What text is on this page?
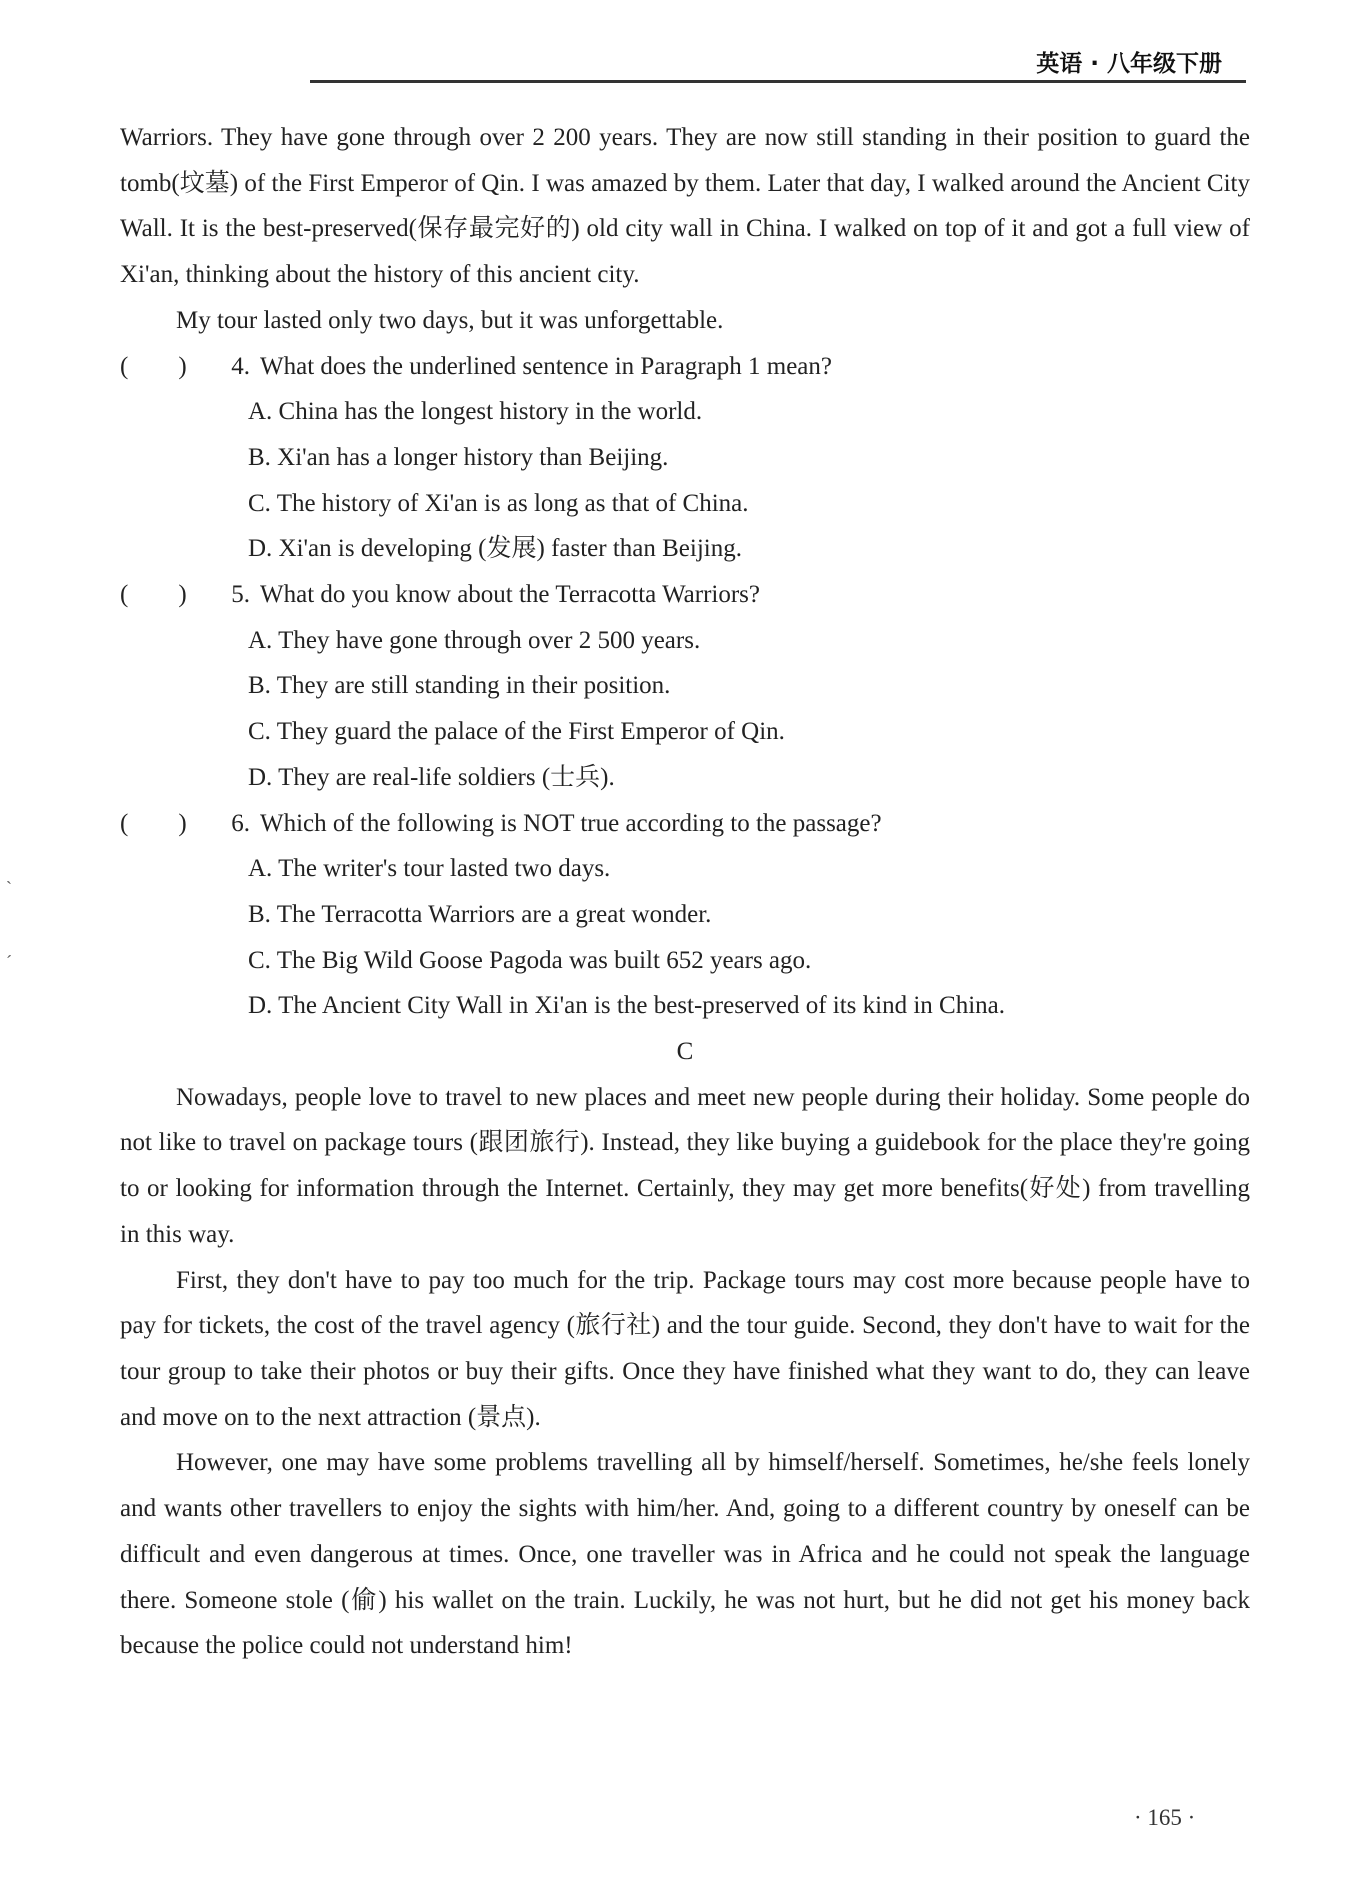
英语 · 八年级下册
ˋ
ˊ

Warriors. They have gone through over 2 200 years. They are now still standing in their position to guard the tomb(坟墓) of the First Emperor of Qin. I was amazed by them. Later that day, I walked around the Ancient City Wall. It is the best-preserved(保存最完好的) old city wall in China. I walked on top of it and got a full view of Xi'an, thinking about the history of this ancient city.

My tour lasted only two days, but it was unforgettable.

(　　)	4. What does the underlined sentence in Paragraph 1 mean?

A. China has the longest history in the world.

B. Xi'an has a longer history than Beijing.

C. The history of Xi'an is as long as that of China.

D. Xi'an is developing (发展) faster than Beijing.

(　　)	5. What do you know about the Terracotta Warriors?

A. They have gone through over 2 500 years.

B. They are still standing in their position.

C. They guard the palace of the First Emperor of Qin.

D. They are real-life soldiers (士兵).

(　　)	6. Which of the following is NOT true according to the passage?

A. The writer's tour lasted two days.

B. The Terracotta Warriors are a great wonder.

C. The Big Wild Goose Pagoda was built 652 years ago.

D. The Ancient City Wall in Xi'an is the best-preserved of its kind in China.

C

Nowadays, people love to travel to new places and meet new people during their holiday. Some people do not like to travel on package tours (跟团旅行). Instead, they like buying a guidebook for the place they're going to or looking for information through the Internet. Certainly, they may get more benefits(好处) from travelling in this way.

First, they don't have to pay too much for the trip. Package tours may cost more because people have to pay for tickets, the cost of the travel agency (旅行社) and the tour guide. Second, they don't have to wait for the tour group to take their photos or buy their gifts. Once they have finished what they want to do, they can leave and move on to the next attraction (景点).

However, one may have some problems travelling all by himself/herself. Sometimes, he/she feels lonely and wants other travellers to enjoy the sights with him/her. And, going to a different country by oneself can be difficult and even dangerous at times. Once, one traveller was in Africa and he could not speak the language there. Someone stole (偷) his wallet on the train. Luckily, he was not hurt, but he did not get his money back because the police could not understand him!

· 165 ·
